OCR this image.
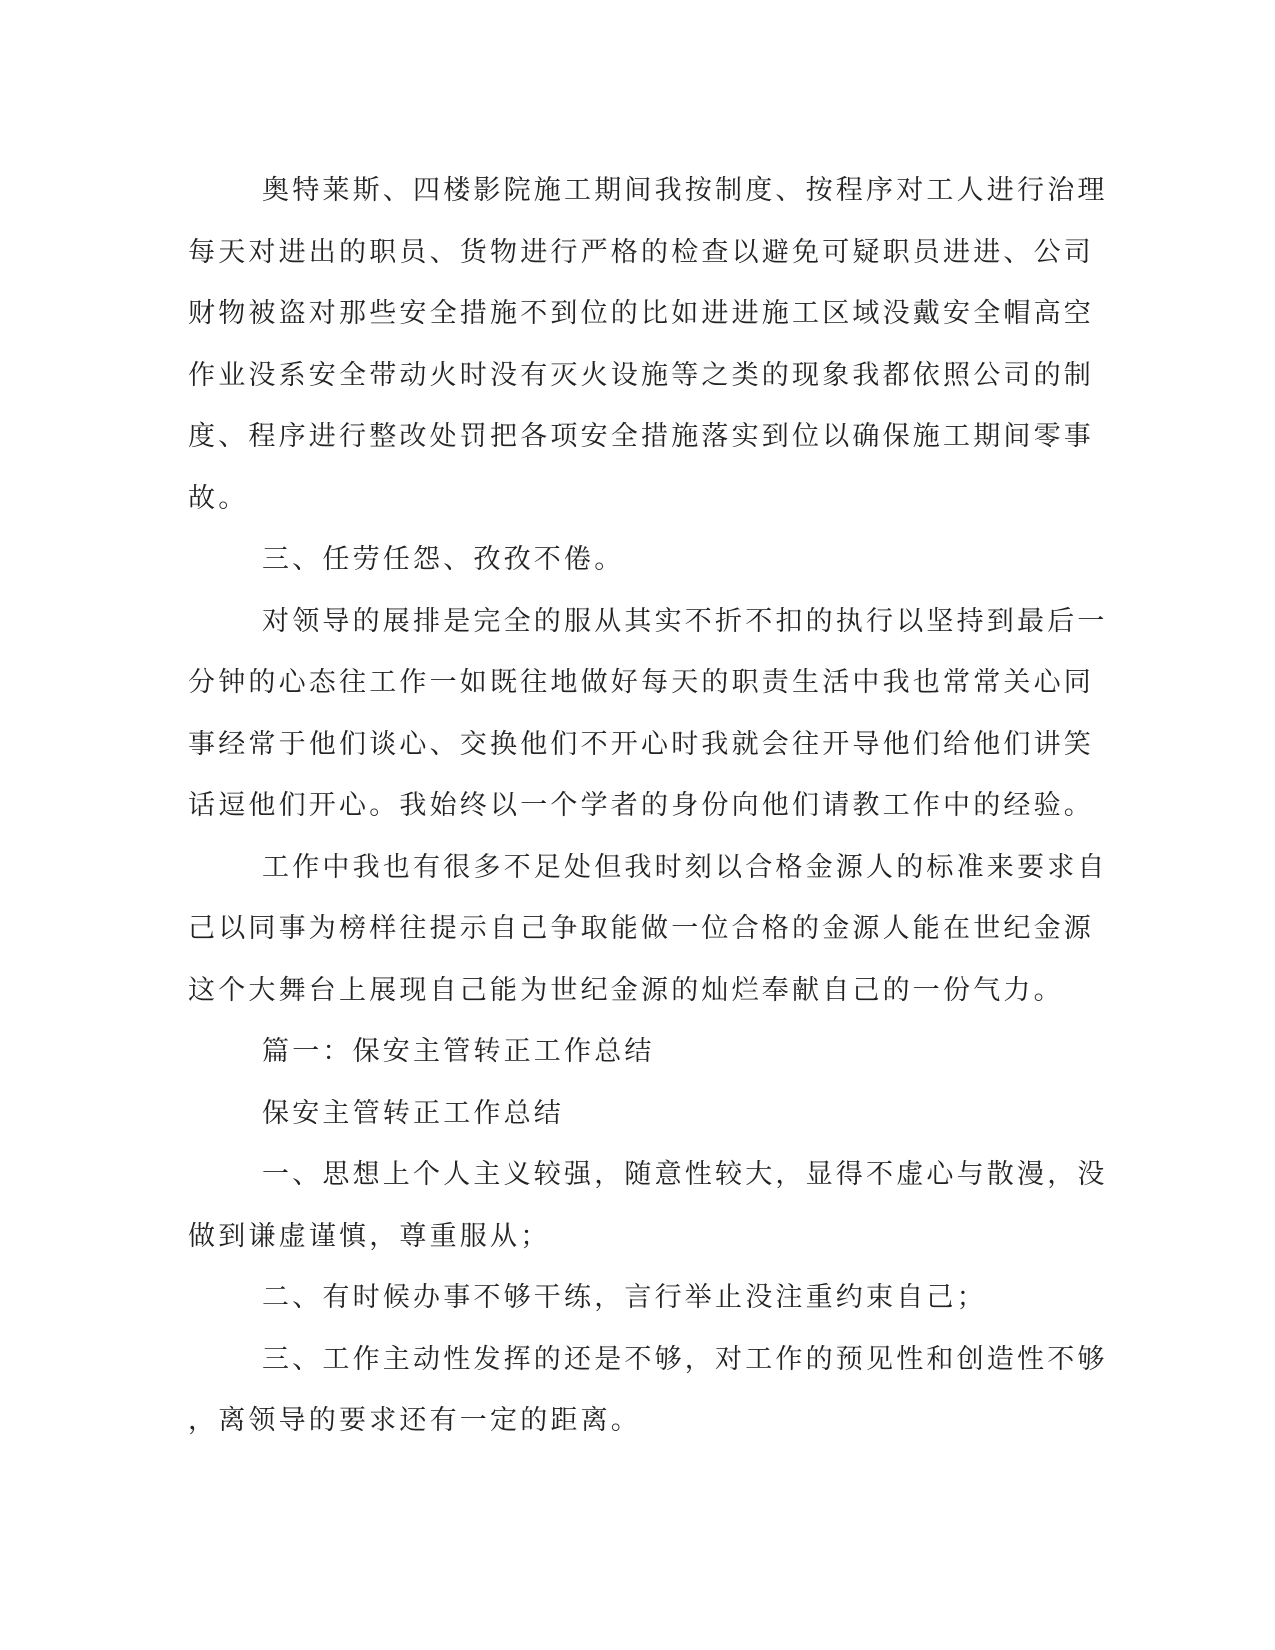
奥特莱斯、四楼影院施工期间我按制度、按程序对工人进行治理
每天对进出的职员、货物进行严格的检查以避免可疑职员进进、公司
财物被盗对那些安全措施不到位的比如进进施工区域没戴安全帽高空
作业没系安全带动火时没有灭火设施等之类的现象我都依照公司的制
度、程序进行整改处罚把各项安全措施落实到位以确保施工期间零事
故。
三、任劳任怨、孜孜不倦。
对领导的展排是完全的服从其实不折不扣的执行以坚持到最后一
分钟的心态往工作一如既往地做好每天的职责生活中我也常常关心同
事经常于他们谈心、交换他们不开心时我就会往开导他们给他们讲笑
话逗他们开心。我始终以一个学者的身份向他们请教工作中的经验。
工作中我也有很多不足处但我时刻以合格金源人的标准来要求自
己以同事为榜样往提示自己争取能做一位合格的金源人能在世纪金源
这个大舞台上展现自己能为世纪金源的灿烂奉献自己的一份气力。
篇一：保安主管转正工作总结
保安主管转正工作总结
一、思想上个人主义较强，随意性较大，显得不虚心与散漫，没
做到谦虚谨慎，尊重服从；
二、有时候办事不够干练，言行举止没注重约束自己；
三、工作主动性发挥的还是不够，对工作的预见性和创造性不够
，离领导的要求还有一定的距离。
